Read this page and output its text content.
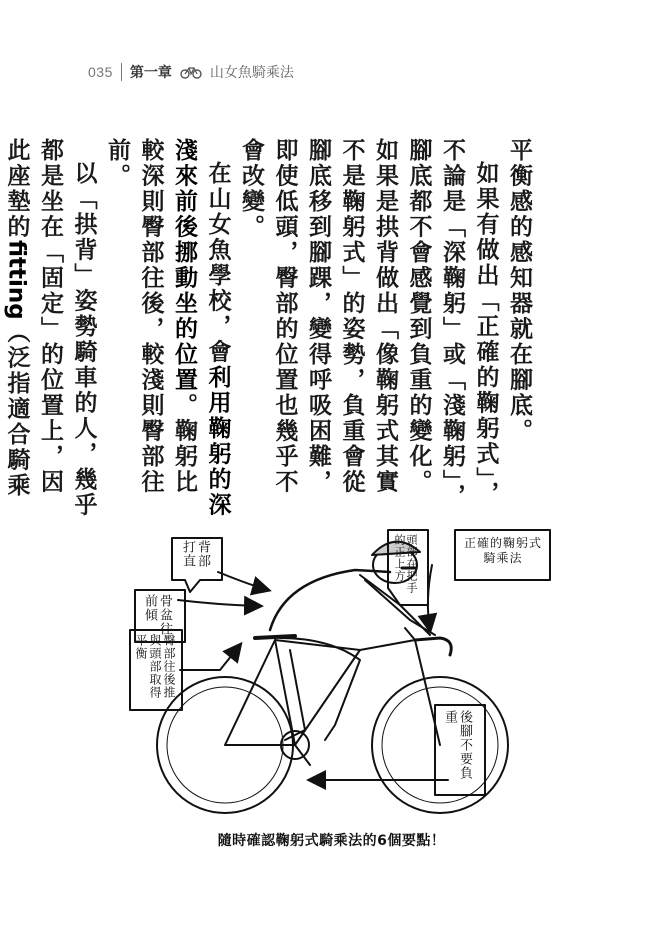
035 第一章	山女魚騎乘法

平衡感的感知器就在腳底。

如果有做出「正確的鞠躬式」，不論是「深鞠躬」或「淺鞠躬」，腳底都不會感覺到負重的變化。如果是拱背做出「像鞠躬式其實不是鞠躬式」的姿勢，負重會從腳底移到腳踝，變得呼吸困難，即使低頭，臀部的位置也幾乎不會改變。

在山女魚學校，會利用鞠躬的深淺來前後挪動坐的位置。鞠躬比較深則臀部往後，較淺則臀部往前。

以「拱背」姿勢騎車的人，幾乎都是坐在「固定」的位置上，因此座墊的fitting（泛指適合騎乘

背部打直
骨盆往前傾
臀部往後推與頭部取得平衡
頭部在把手的正上方
後腳不要負重
正確的鞠躬式騎乘法
隨時確認鞠躬式騎乘法的6個要點！
